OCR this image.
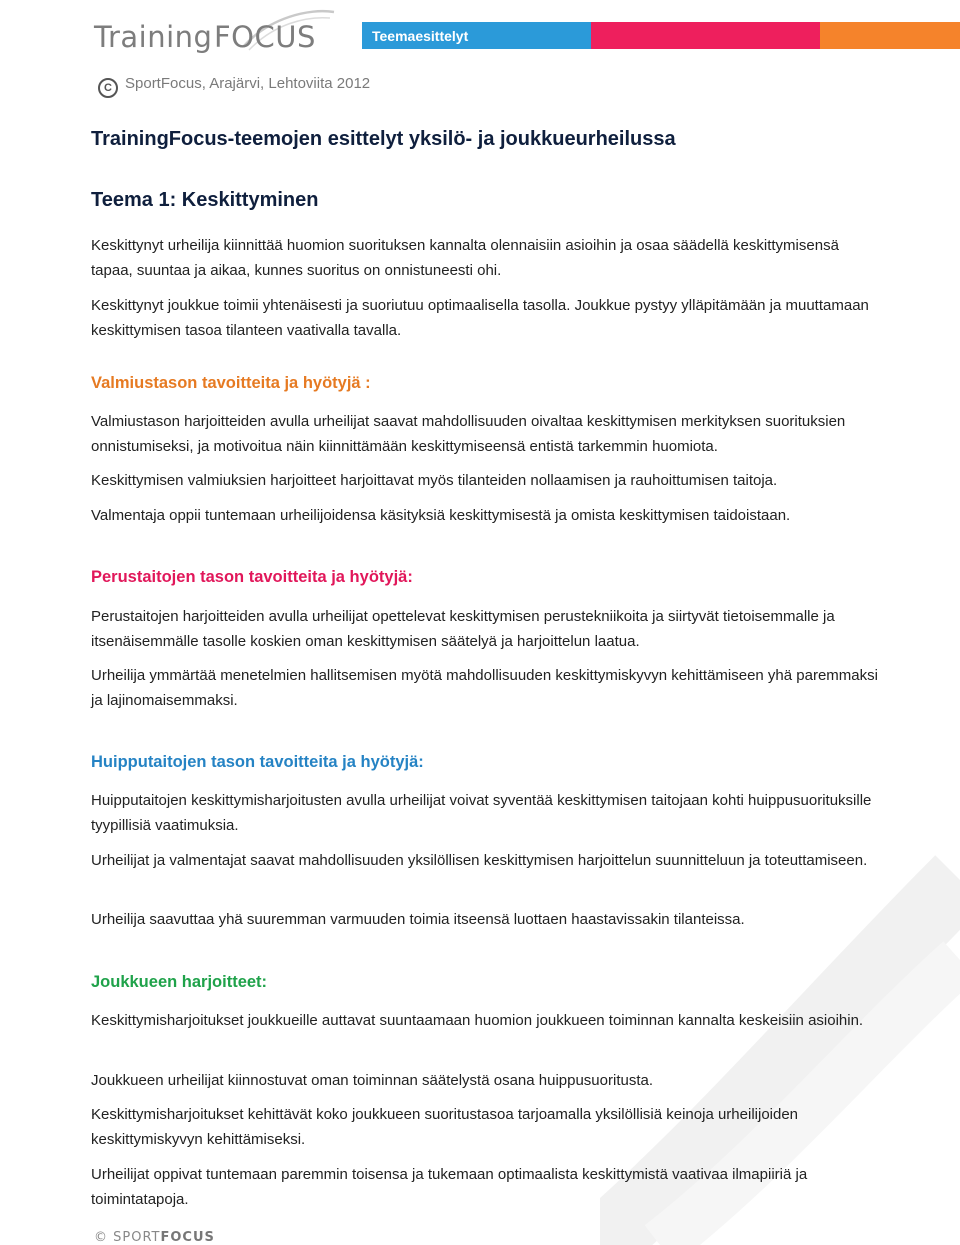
Training FOCUS	Teemaesittelyt
C SportFocus, Arajärvi, Lehtoviita 2012
TrainingFocus-teemojen esittelyt yksilö- ja joukkueurheilussa
Teema 1: Keskittyminen

Keskittynyt urheilija kiinnittää huomion suorituksen kannalta olennaisiin asioihin ja osaa säädellä keskittymisensä tapaa, suuntaa ja aikaa, kunnes suoritus on onnistuneesti ohi.

Keskittynyt joukkue toimii yhtenäisesti ja suoriutuu optimaalisella tasolla. Joukkue pystyy ylläpitämään ja muuttamaan keskittymisen tasoa tilanteen vaativalla tavalla.

Valmiustason tavoitteita ja hyötyjä :

Valmiustason harjoitteiden avulla urheilijat saavat mahdollisuuden oivaltaa keskittymisen merkityksen suorituksien onnistumiseksi, ja motivoitua näin kiinnittämään keskittymiseensä entistä tarkemmin huomiota.

Keskittymisen valmiuksien harjoitteet harjoittavat myös tilanteiden nollaamisen ja rauhoittumisen taitoja.

Valmentaja oppii tuntemaan urheilijoidensa käsityksiä keskittymisestä ja omista keskittymisen taidoistaan.

Perustaitojen tason tavoitteita ja hyötyjä:

Perustaitojen harjoitteiden avulla urheilijat opettelevat keskittymisen perustekniikoita ja siirtyvät tietoisemmalle ja itsenäisemmälle tasolle koskien oman keskittymisen säätelyä ja harjoittelun laatua.

Urheilija ymmärtää menetelmien hallitsemisen myötä mahdollisuuden keskittymiskyvyn kehittämiseen yhä paremmaksi ja lajinomaisemmaksi.

Huipputaitojen tason tavoitteita ja hyötyjä:

Huipputaitojen keskittymisharjoitusten avulla urheilijat voivat syventää keskittymisen taitojaan kohti huippusuorituksille tyypillisiä vaatimuksia.

Urheilijat ja valmentajat saavat mahdollisuuden yksilöllisen keskittymisen harjoittelun suunnitteluun ja toteuttamiseen.

Urheilija saavuttaa yhä suuremman varmuuden toimia itseensä luottaen haastavissakin tilanteissa.

Joukkueen harjoitteet:

Keskittymisharjoitukset joukkueille auttavat suuntaamaan huomion joukkueen toiminnan kannalta keskeisiin asioihin.

Joukkueen urheilijat kiinnostuvat oman toiminnan säätelystä osana huippusuoritusta.

Keskittymisharjoitukset kehittävät koko joukkueen suoritustasoa tarjoamalla yksilöllisiä keinoja urheilijoiden keskittymiskyvyn kehittämiseksi.

Urheilijat oppivat tuntemaan paremmin toisensa ja tukemaan optimaalista keskittymistä vaativaa ilmapiiriä ja toimintatapoja.

© SPORTFOCUS
